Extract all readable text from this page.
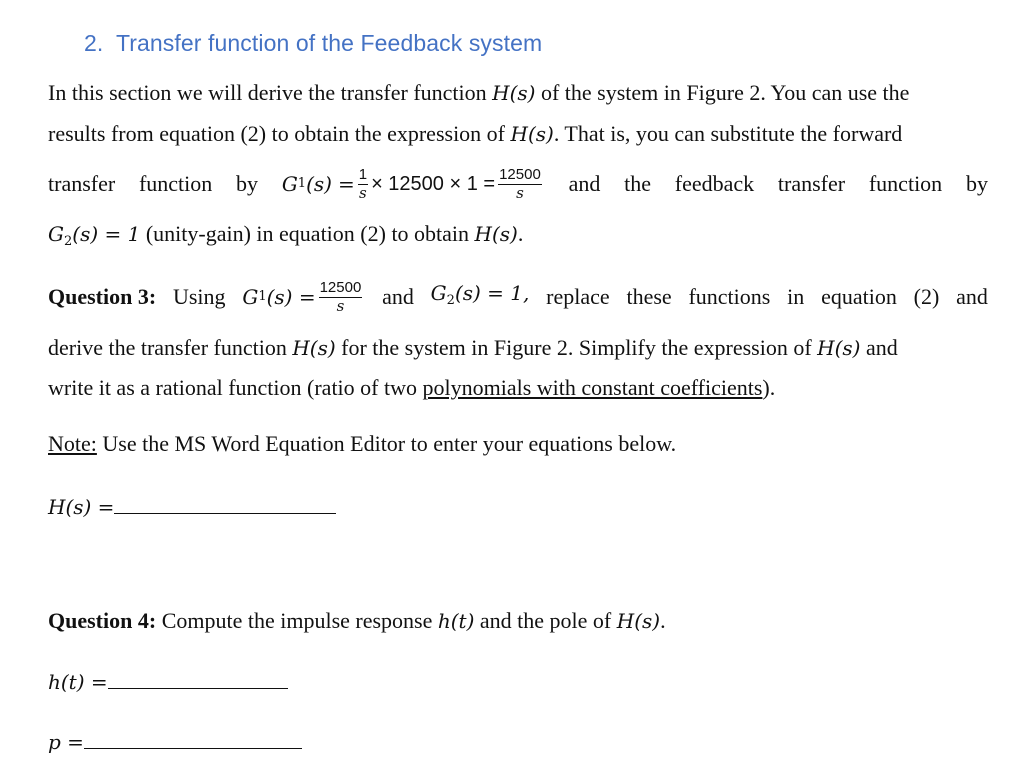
2. Transfer function of the Feedback system
In this section we will derive the transfer function H(s) of the system in Figure 2. You can use the
results from equation (2) to obtain the expression of H(s). That is, you can substitute the forward
transfer function by G 1 $(s) = \frac{1}{s} \times 12500 \times 1 = \frac{12500}{s}$ and the feedback transfer function by
$G_2(s) = 1$ (unity-gain) in equation (2) to obtain H(s).
Question 3: Using G 1 $(s) = \frac{12500}{s}$ and $G_2(s) = 1$, replace these functions in equation (2) and
derive the transfer function H(s) for the system in Figure 2. Simplify the expression of H(s) and
write it as a rational function (ratio of two polynomials with constant coefficients).
Note: Use the MS Word Equation Editor to enter your equations below.
H(s) =
Question 4: Compute the impulse response h(t) and the pole of H(s).
h(t) =
p =
